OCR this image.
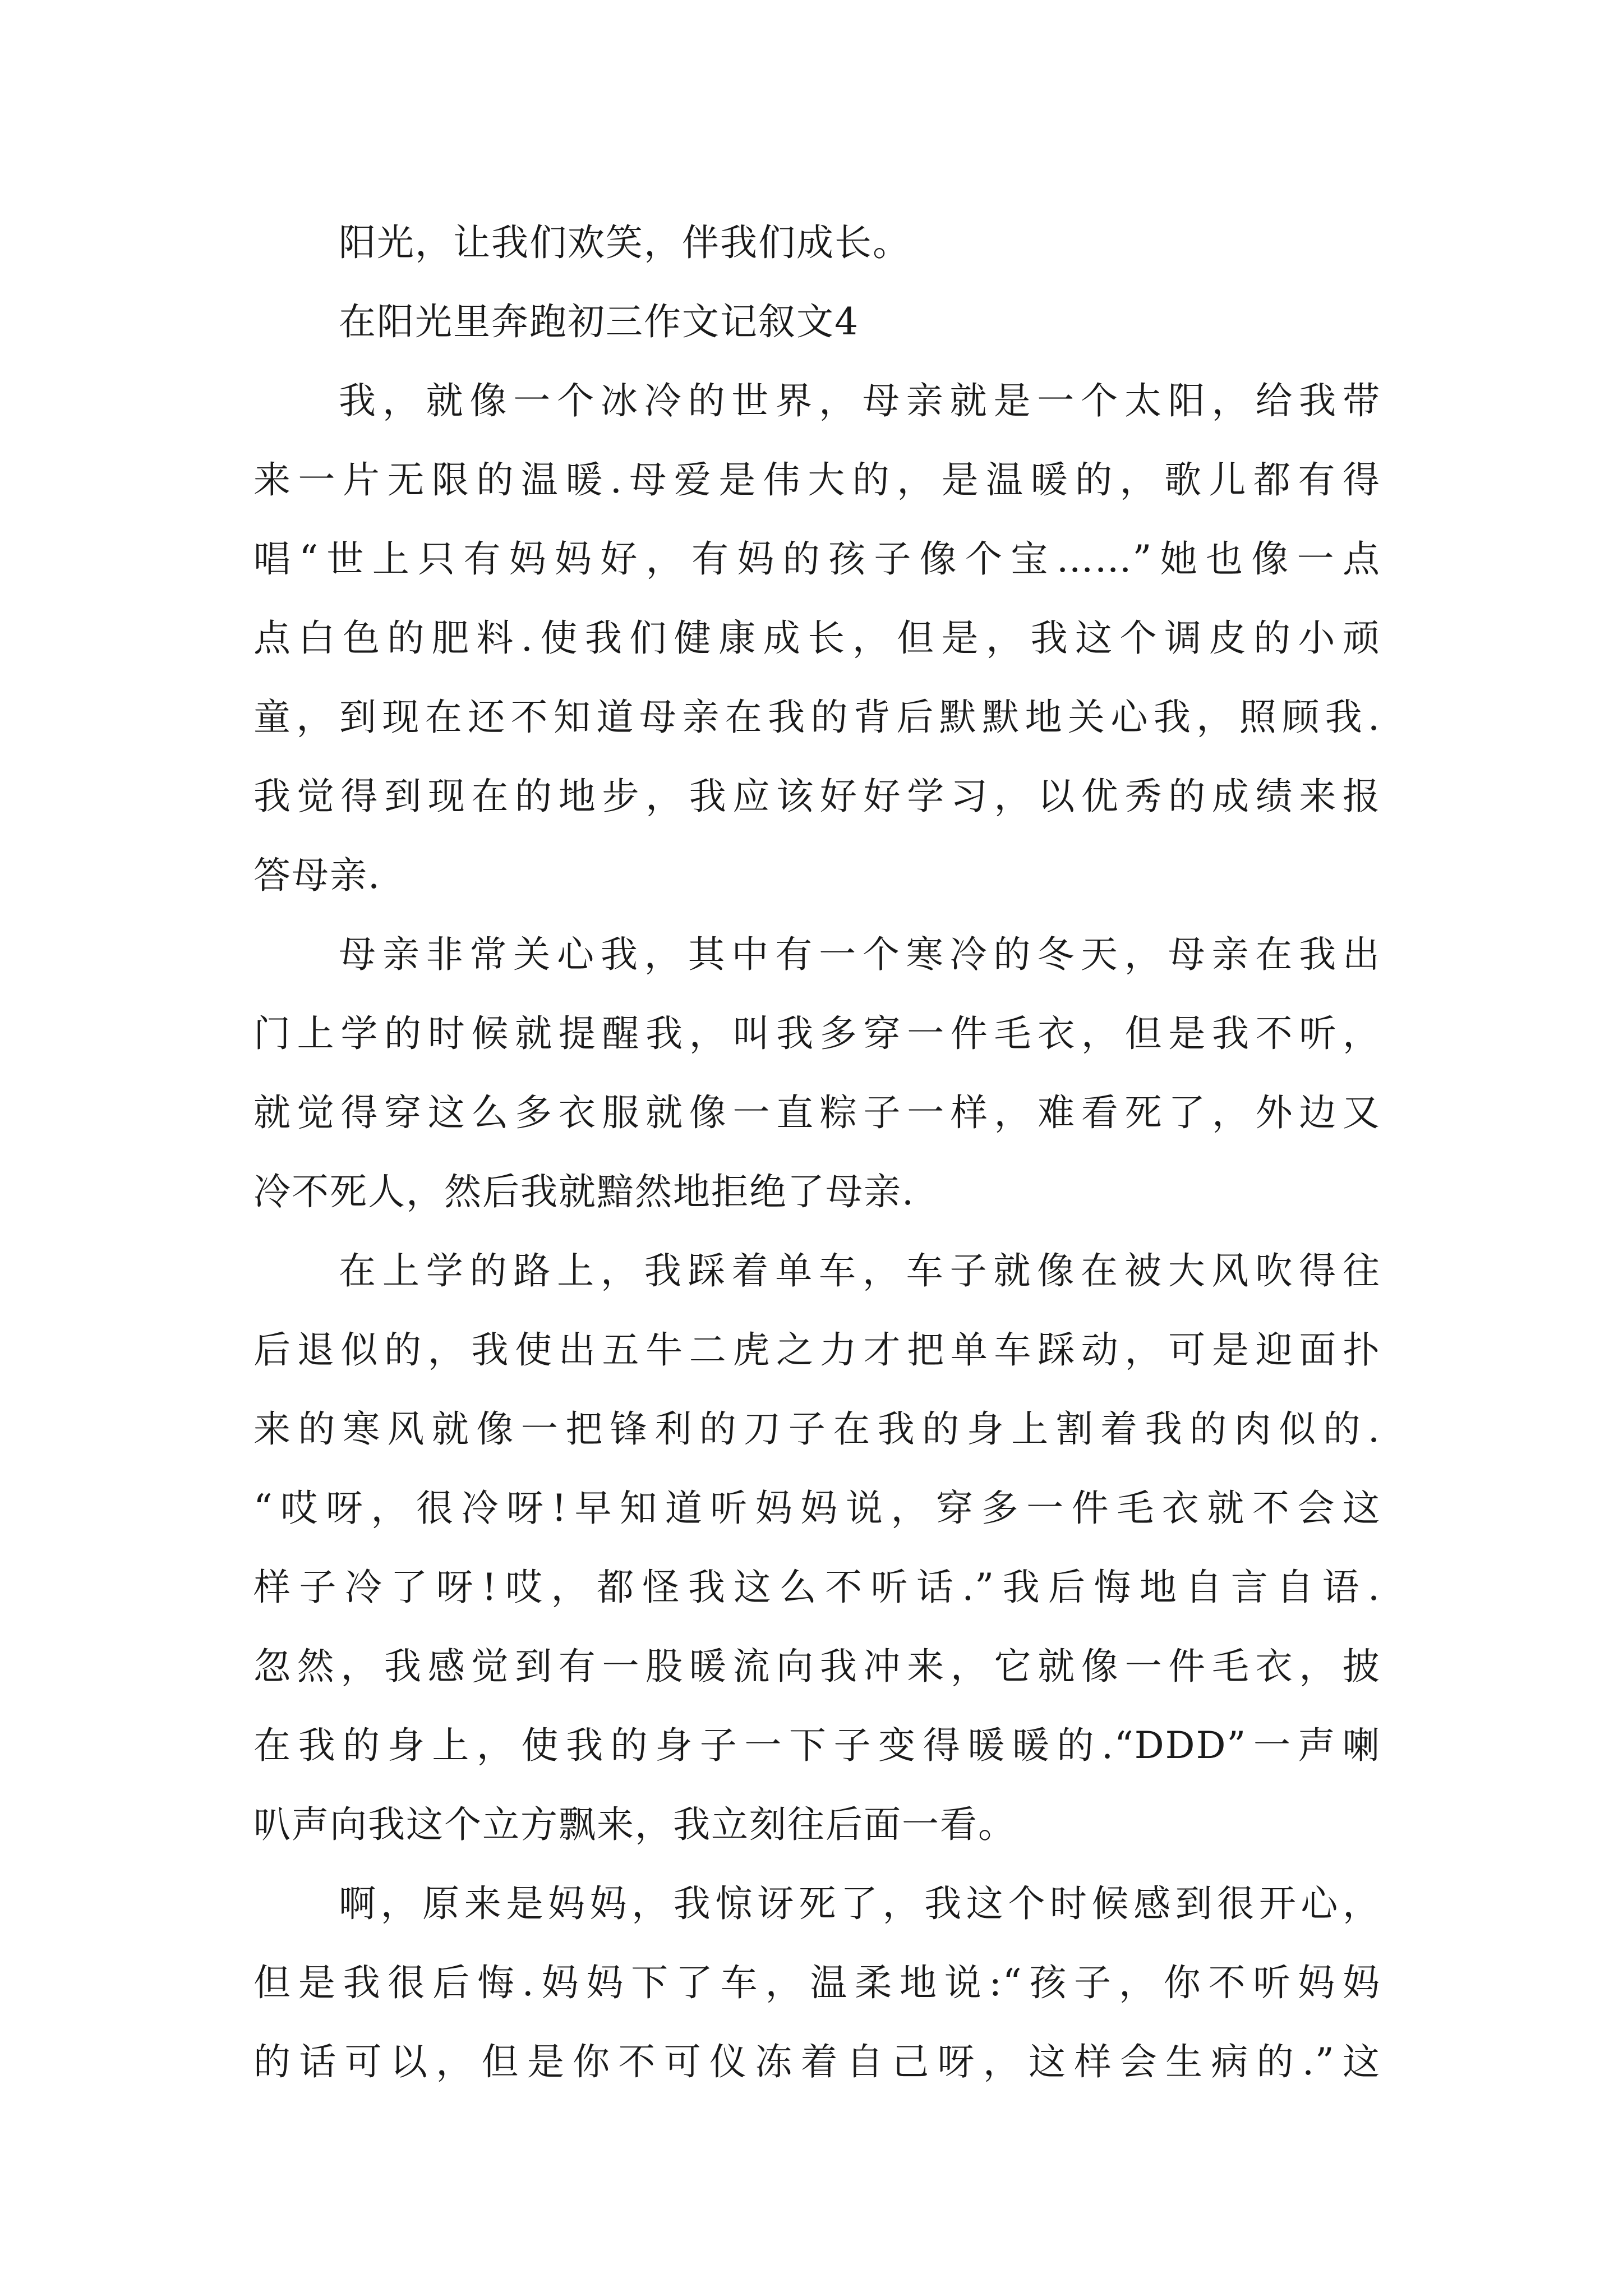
阳光，让我们欢笑，伴我们成长。
在阳光里奔跑初三作文记叙文4
我，就像一个冰冷的世界，母亲就是一个太阳，给我带
来一片无限的温暖.母爱是伟大的，是温暖的，歌儿都有得
唱“世上只有妈妈好，有妈的孩子像个宝……”她也像一点
点白色的肥料.使我们健康成长，但是，我这个调皮的小顽
童，到现在还不知道母亲在我的背后默默地关心我，照顾我.
我觉得到现在的地步，我应该好好学习，以优秀的成绩来报
答母亲.
母亲非常关心我，其中有一个寒冷的冬天，母亲在我出
门上学的时候就提醒我，叫我多穿一件毛衣，但是我不听，
就觉得穿这么多衣服就像一直粽子一样，难看死了，外边又
冷不死人，然后我就黯然地拒绝了母亲.
在上学的路上，我踩着单车，车子就像在被大风吹得往
后退似的，我使出五牛二虎之力才把单车踩动，可是迎面扑
来的寒风就像一把锋利的刀子在我的身上割着我的肉似的.
“哎呀，很冷呀!早知道听妈妈说，穿多一件毛衣就不会这
样子冷了呀!哎，都怪我这么不听话.”我后悔地自言自语.
忽然，我感觉到有一股暖流向我冲来，它就像一件毛衣，披
在我的身上，使我的身子一下子变得暖暖的.“DDD”一声喇
叭声向我这个立方飘来，我立刻往后面一看。
啊，原来是妈妈，我惊讶死了，我这个时候感到很开心，
但是我很后悔.妈妈下了车，温柔地说:“孩子，你不听妈妈
的话可以，但是你不可仪冻着自己呀，这样会生病的.”这
